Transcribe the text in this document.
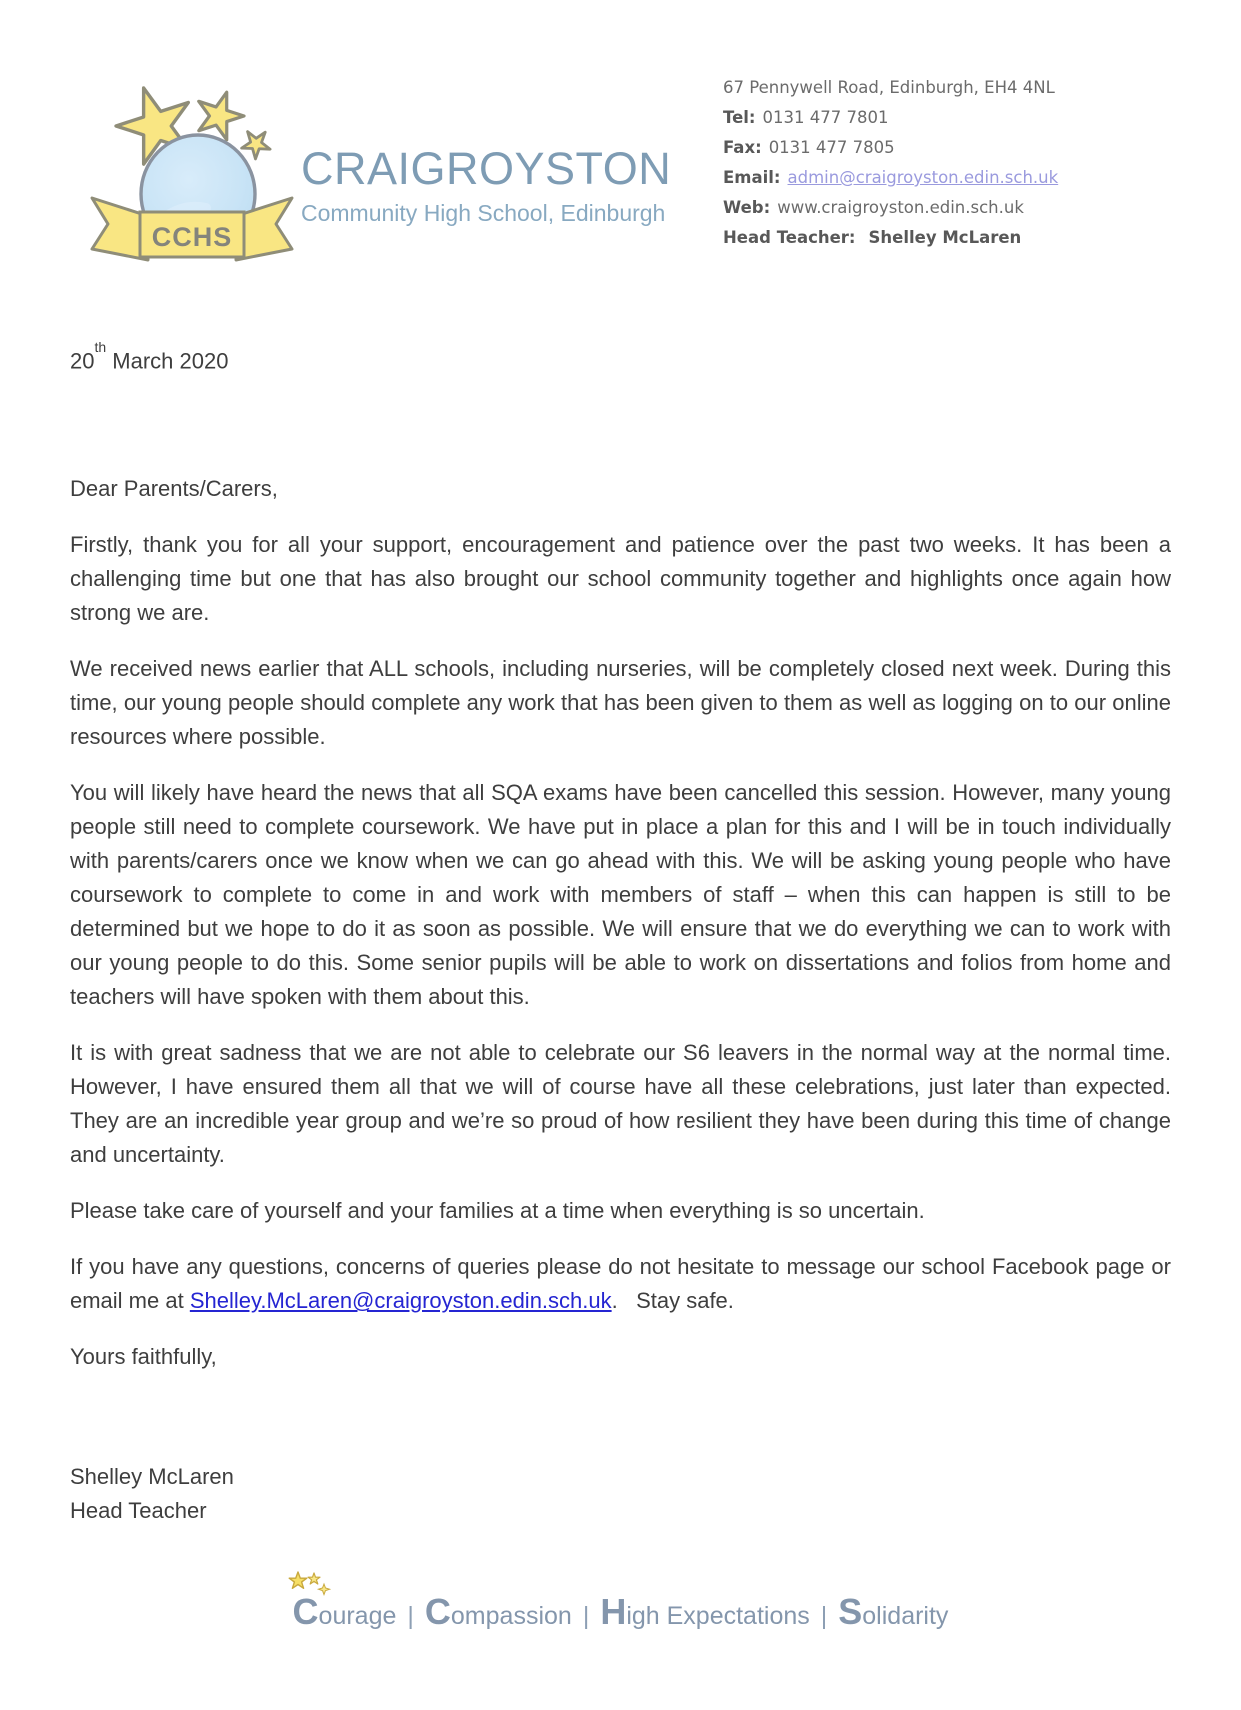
CCHS
CRAIGROYSTON
Community High School, Edinburgh
67 Pennywell Road, Edinburgh, EH4 4NL
Tel: 0131 477 7801
Fax: 0131 477 7805
Email: admin@craigroyston.edin.sch.uk
Web: www.craigroyston.edin.sch.uk
Head Teacher: Shelley McLaren
20th March 2020
Dear Parents/Carers,

Firstly, thank you for all your support, encouragement and patience over the past two weeks. It has been a challenging time but one that has also brought our school community together and highlights once again how strong we are.

We received news earlier that ALL schools, including nurseries, will be completely closed next week. During this time, our young people should complete any work that has been given to them as well as logging on to our online resources where possible.

You will likely have heard the news that all SQA exams have been cancelled this session. However, many young people still need to complete coursework. We have put in place a plan for this and I will be in touch individually with parents/carers once we know when we can go ahead with this. We will be asking young people who have coursework to complete to come in and work with members of staff – when this can happen is still to be determined but we hope to do it as soon as possible. We will ensure that we do everything we can to work with our young people to do this. Some senior pupils will be able to work on dissertations and folios from home and teachers will have spoken with them about this.

It is with great sadness that we are not able to celebrate our S6 leavers in the normal way at the normal time. However, I have ensured them all that we will of course have all these celebrations, just later than expected. They are an incredible year group and we’re so proud of how resilient they have been during this time of change and uncertainty.

Please take care of yourself and your families at a time when everything is so uncertain.

If you have any questions, concerns of queries please do not hesitate to message our school Facebook page or email me at Shelley.McLaren@craigroyston.edin.sch.uk.   Stay safe.

Yours faithfully,
Shelley McLaren
Head Teacher
Courage | Compassion | High Expectations | Solidarity
